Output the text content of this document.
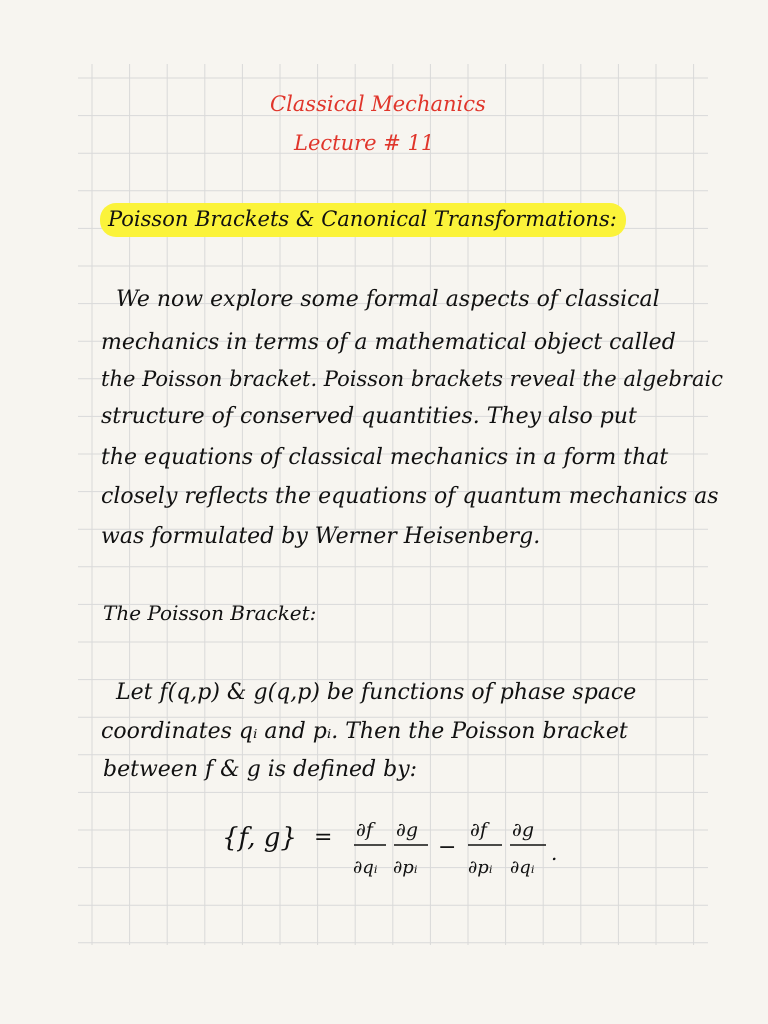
Classical Mechanics
Lecture # 11
Poisson Brackets & Canonical Transformations:
We now explore some formal aspects of classical
mechanics in terms of a mathematical object called
the Poisson bracket. Poisson brackets reveal the algebraic
structure of conserved quantities. They also put
the equations of classical mechanics in a form that
closely reflects the equations of quantum mechanics as
was formulated by Werner Heisenberg.
The Poisson Bracket:
Let f(q,p) & g(q,p) be functions of phase space
coordinates qᵢ and pᵢ. Then the Poisson bracket
between f & g is defined by:
{f, g} = ∂f
∂qᵢ
∂g
∂pᵢ
−
∂f
∂pᵢ
∂g
∂qᵢ
.
